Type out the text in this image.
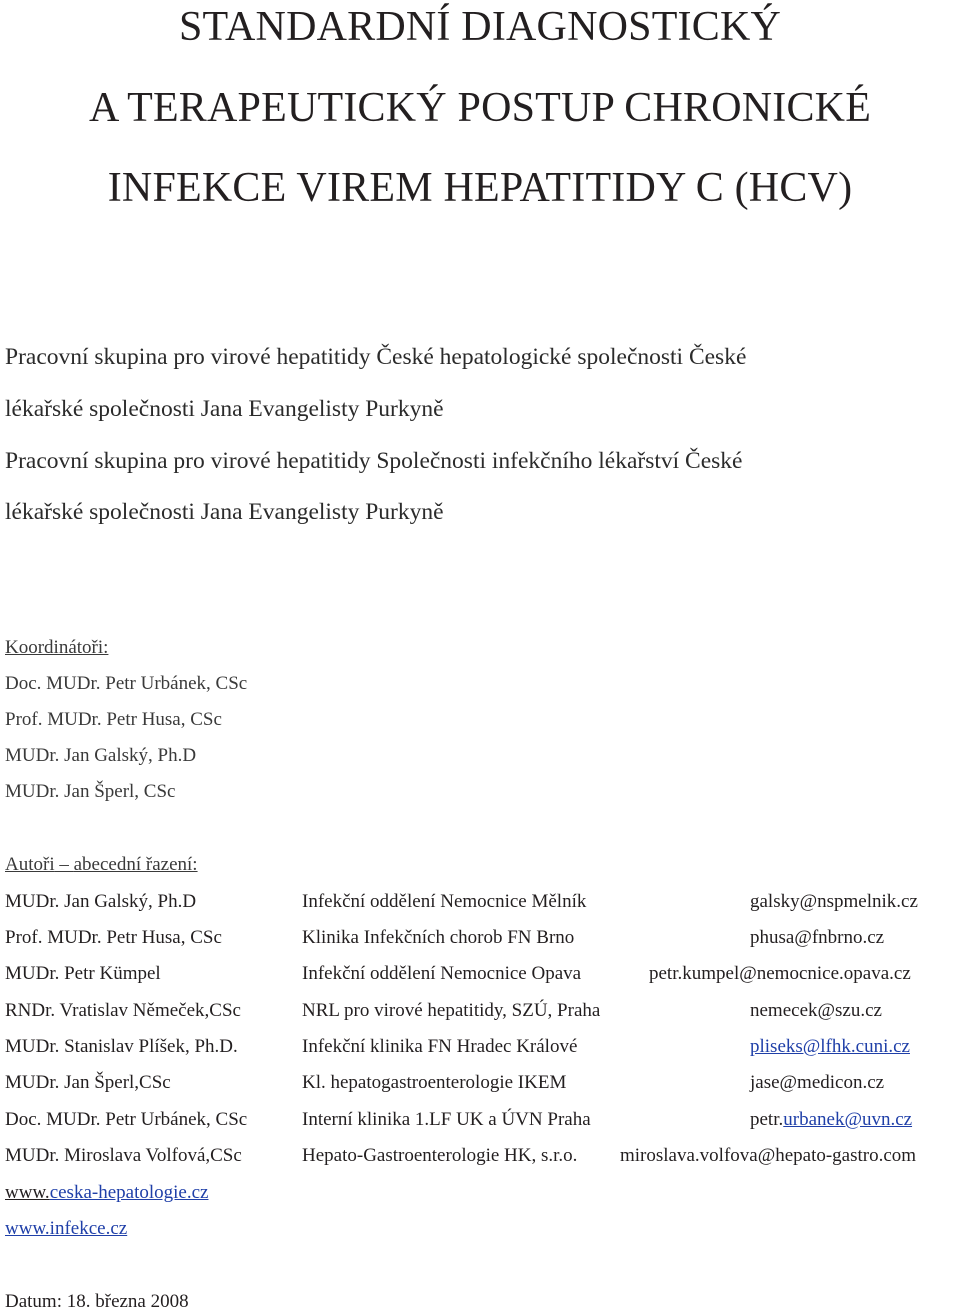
STANDARDNÍ DIAGNOSTICKÝ
A TERAPEUTICKÝ POSTUP CHRONICKÉ
INFEKCE VIREM HEPATITIDY C (HCV)
Pracovní skupina pro virové hepatitidy České hepatologické společnosti České
lékařské společnosti Jana Evangelisty Purkyně
Pracovní skupina pro virové hepatitidy Společnosti infekčního lékařství České
lékařské společnosti Jana Evangelisty Purkyně
Koordinátoři:
Doc. MUDr. Petr Urbánek, CSc
Prof. MUDr. Petr Husa, CSc
MUDr. Jan Galský, Ph.D
MUDr. Jan Šperl, CSc
Autoři – abecední řazení:
MUDr. Jan Galský, Ph.D	Infekční oddělení Nemocnice Mělník	galsky@nspmelnik.cz
Prof. MUDr. Petr Husa, CSc	Klinika Infekčních chorob FN Brno	phusa@fnbrno.cz
MUDr. Petr Kümpel	Infekční oddělení Nemocnice Opava	petr.kumpel@nemocnice.opava.cz
RNDr. Vratislav Němeček,CSc	NRL pro virové hepatitidy, SZÚ, Praha	nemecek@szu.cz
MUDr. Stanislav Plíšek, Ph.D.	Infekční klinika FN Hradec Králové	pliseks@lfhk.cuni.cz
MUDr. Jan Šperl,CSc	Kl. hepatogastroenterologie IKEM	jase@medicon.cz
Doc. MUDr. Petr Urbánek, CSc	Interní klinika 1.LF UK a ÚVN Praha	petr.urbanek@uvn.cz
MUDr. Miroslava Volfová,CSc	Hepato-Gastroenterologie HK, s.r.o. miroslava.volfova@hepato-gastro.com
www.ceska-hepatologie.cz
www.infekce.cz
Datum: 18. března 2008
